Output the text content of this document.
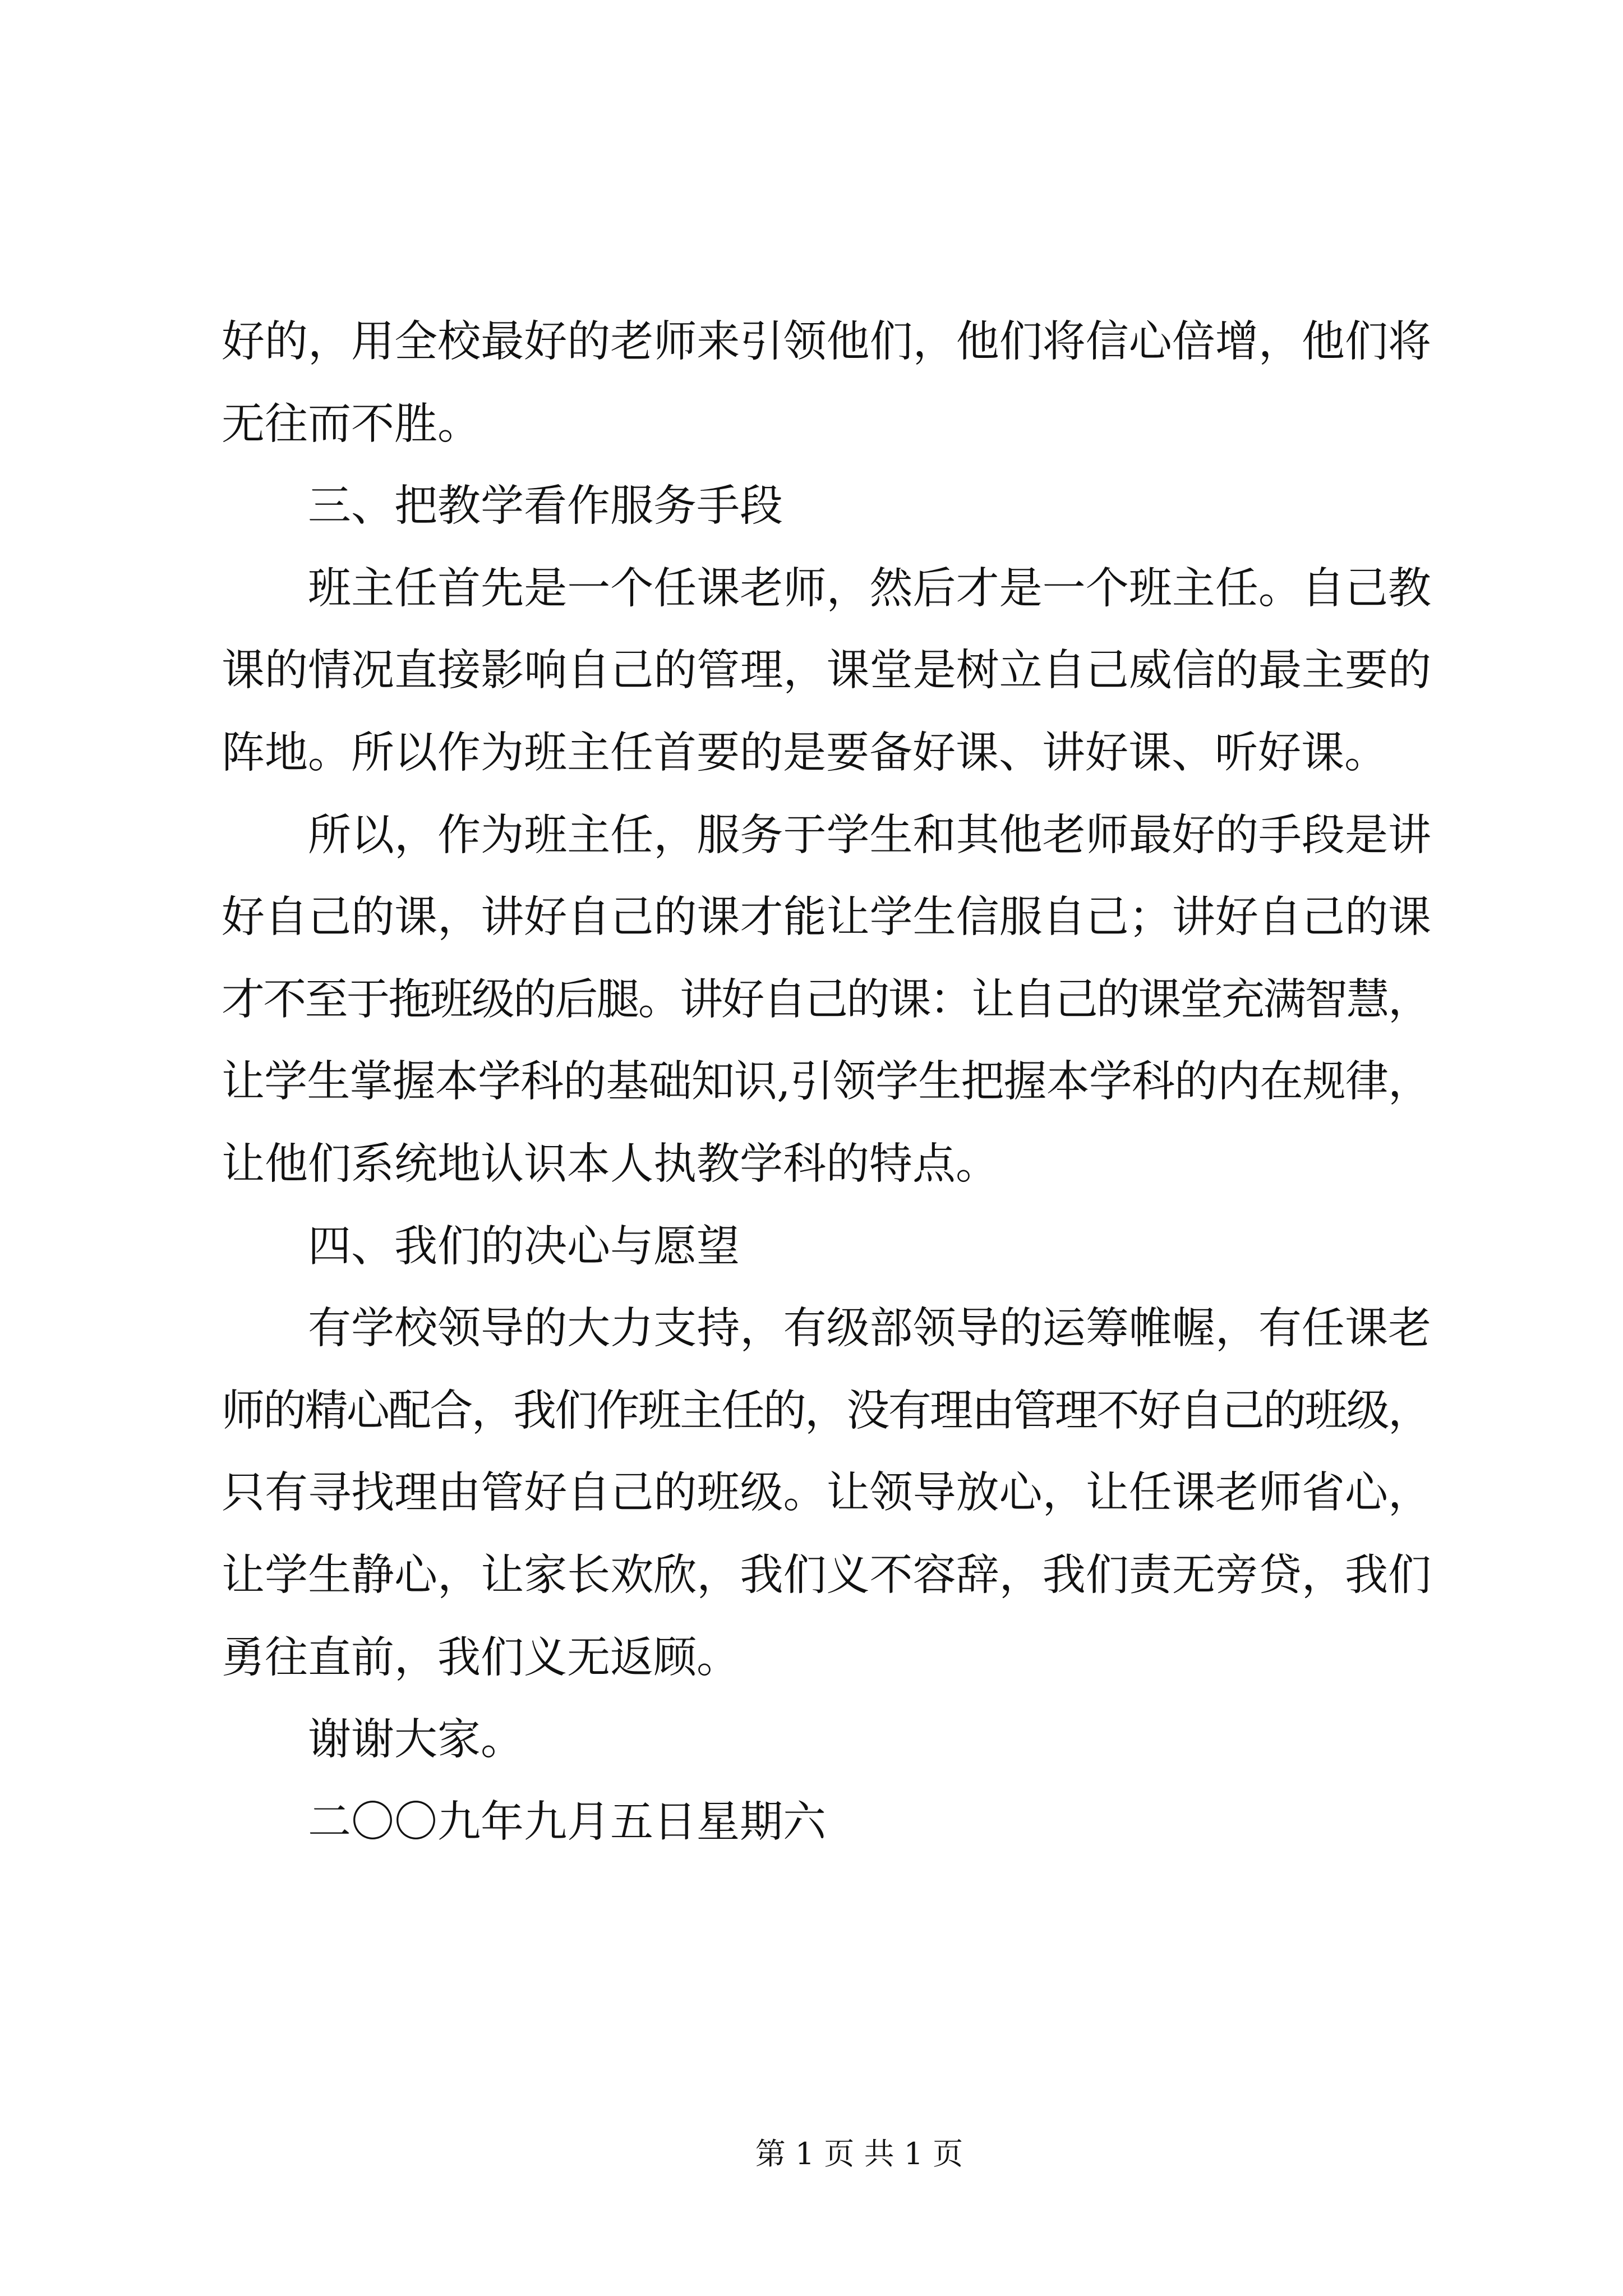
好的，用全校最好的老师来引领他们，他们将信心倍增，他们将
无往而不胜。
三、把教学看作服务手段
班主任首先是一个任课老师，然后才是一个班主任。自己教
课的情况直接影响自己的管理，课堂是树立自己威信的最主要的
阵地。所以作为班主任首要的是要备好课、讲好课、听好课。
所以，作为班主任，服务于学生和其他老师最好的手段是讲
好自己的课，讲好自己的课才能让学生信服自己；讲好自己的课
才不至于拖班级的后腿。讲好自己的课：让自己的课堂充满智慧，
让学生掌握本学科的基础知识,引领学生把握本学科的内在规律，
让他们系统地认识本人执教学科的特点。
四、我们的决心与愿望
有学校领导的大力支持，有级部领导的运筹帷幄，有任课老
师的精心配合，我们作班主任的，没有理由管理不好自己的班级，
只有寻找理由管好自己的班级。让领导放心，让任课老师省心，
让学生静心，让家长欢欣，我们义不容辞，我们责无旁贷，我们
勇往直前，我们义无返顾。
谢谢大家。
二〇〇九年九月五日星期六
第 1 页 共 1 页
